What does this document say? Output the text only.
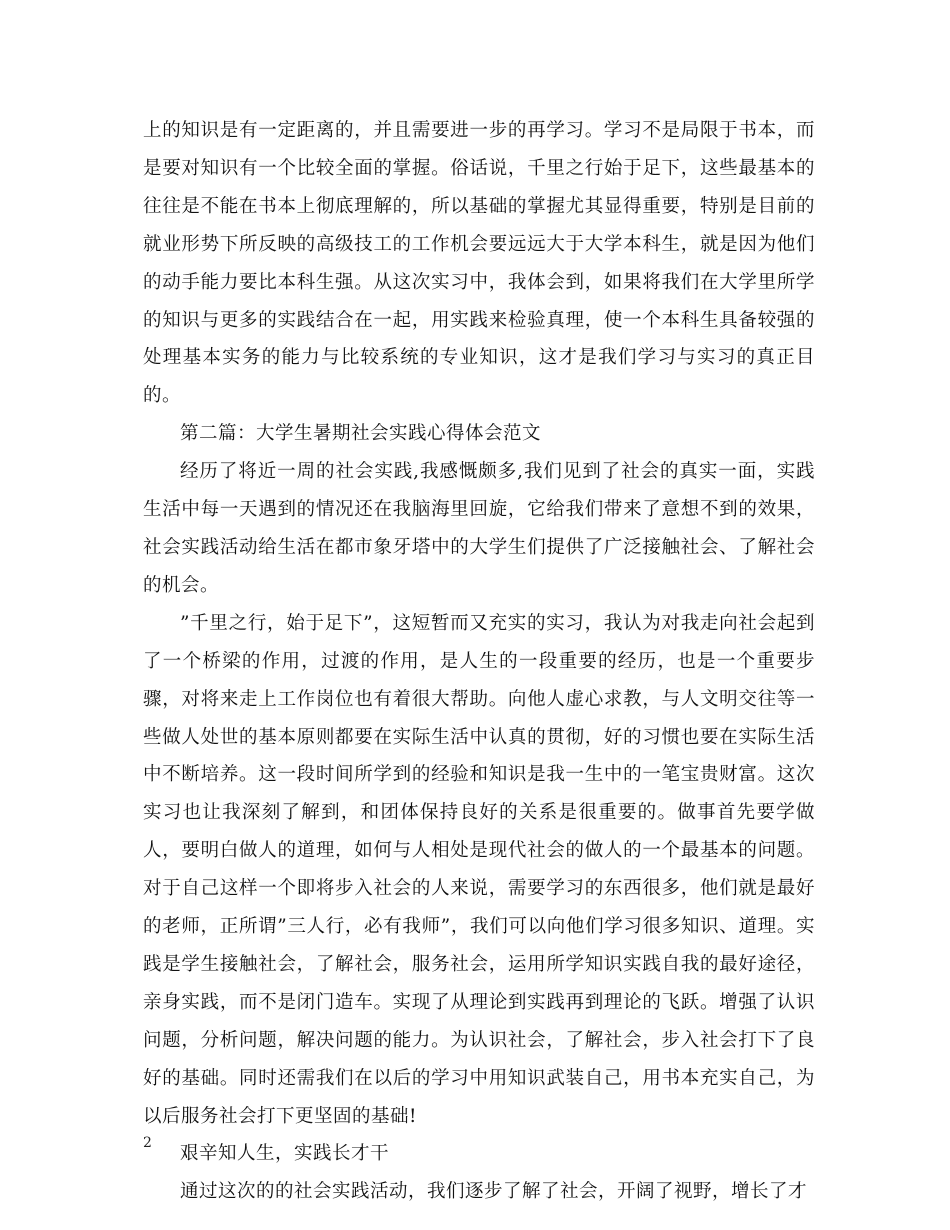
上的知识是有一定距离的，并且需要进一步的再学习。学习不是局限于书本，而是要对知识有一个比较全面的掌握。俗话说，千里之行始于足下，这些最基本的往往是不能在书本上彻底理解的，所以基础的掌握尤其显得重要，特别是目前的就业形势下所反映的高级技工的工作机会要远远大于大学本科生，就是因为他们的动手能力要比本科生强。从这次实习中，我体会到，如果将我们在大学里所学的知识与更多的实践结合在一起，用实践来检验真理，使一个本科生具备较强的处理基本实务的能力与比较系统的专业知识，这才是我们学习与实习的真正目的。

第二篇：大学生暑期社会实践心得体会范文

经历了将近一周的社会实践,我感慨颇多,我们见到了社会的真实一面，实践生活中每一天遇到的情况还在我脑海里回旋，它给我们带来了意想不到的效果，社会实践活动给生活在都市象牙塔中的大学生们提供了广泛接触社会、了解社会的机会。

”千里之行，始于足下”，这短暂而又充实的实习，我认为对我走向社会起到了一个桥梁的作用，过渡的作用，是人生的一段重要的经历，也是一个重要步骤，对将来走上工作岗位也有着很大帮助。向他人虚心求教，与人文明交往等一些做人处世的基本原则都要在实际生活中认真的贯彻，好的习惯也要在实际生活中不断培养。这一段时间所学到的经验和知识是我一生中的一笔宝贵财富。这次实习也让我深刻了解到，和团体保持良好的关系是很重要的。做事首先要学做人，要明白做人的道理，如何与人相处是现代社会的做人的一个最基本的问题。对于自己这样一个即将步入社会的人来说，需要学习的东西很多，他们就是最好的老师，正所谓”三人行，必有我师”，我们可以向他们学习很多知识、道理。实践是学生接触社会，了解社会，服务社会，运用所学知识实践自我的最好途径，亲身实践，而不是闭门造车。实现了从理论到实践再到理论的飞跃。增强了认识问题，分析问题，解决问题的能力。为认识社会，了解社会，步入社会打下了良好的基础。同时还需我们在以后的学习中用知识武装自己，用书本充实自己，为以后服务社会打下更坚固的基础!

艰辛知人生，实践长才干

通过这次的的社会实践活动，我们逐步了解了社会，开阔了视野，增长了才

2
